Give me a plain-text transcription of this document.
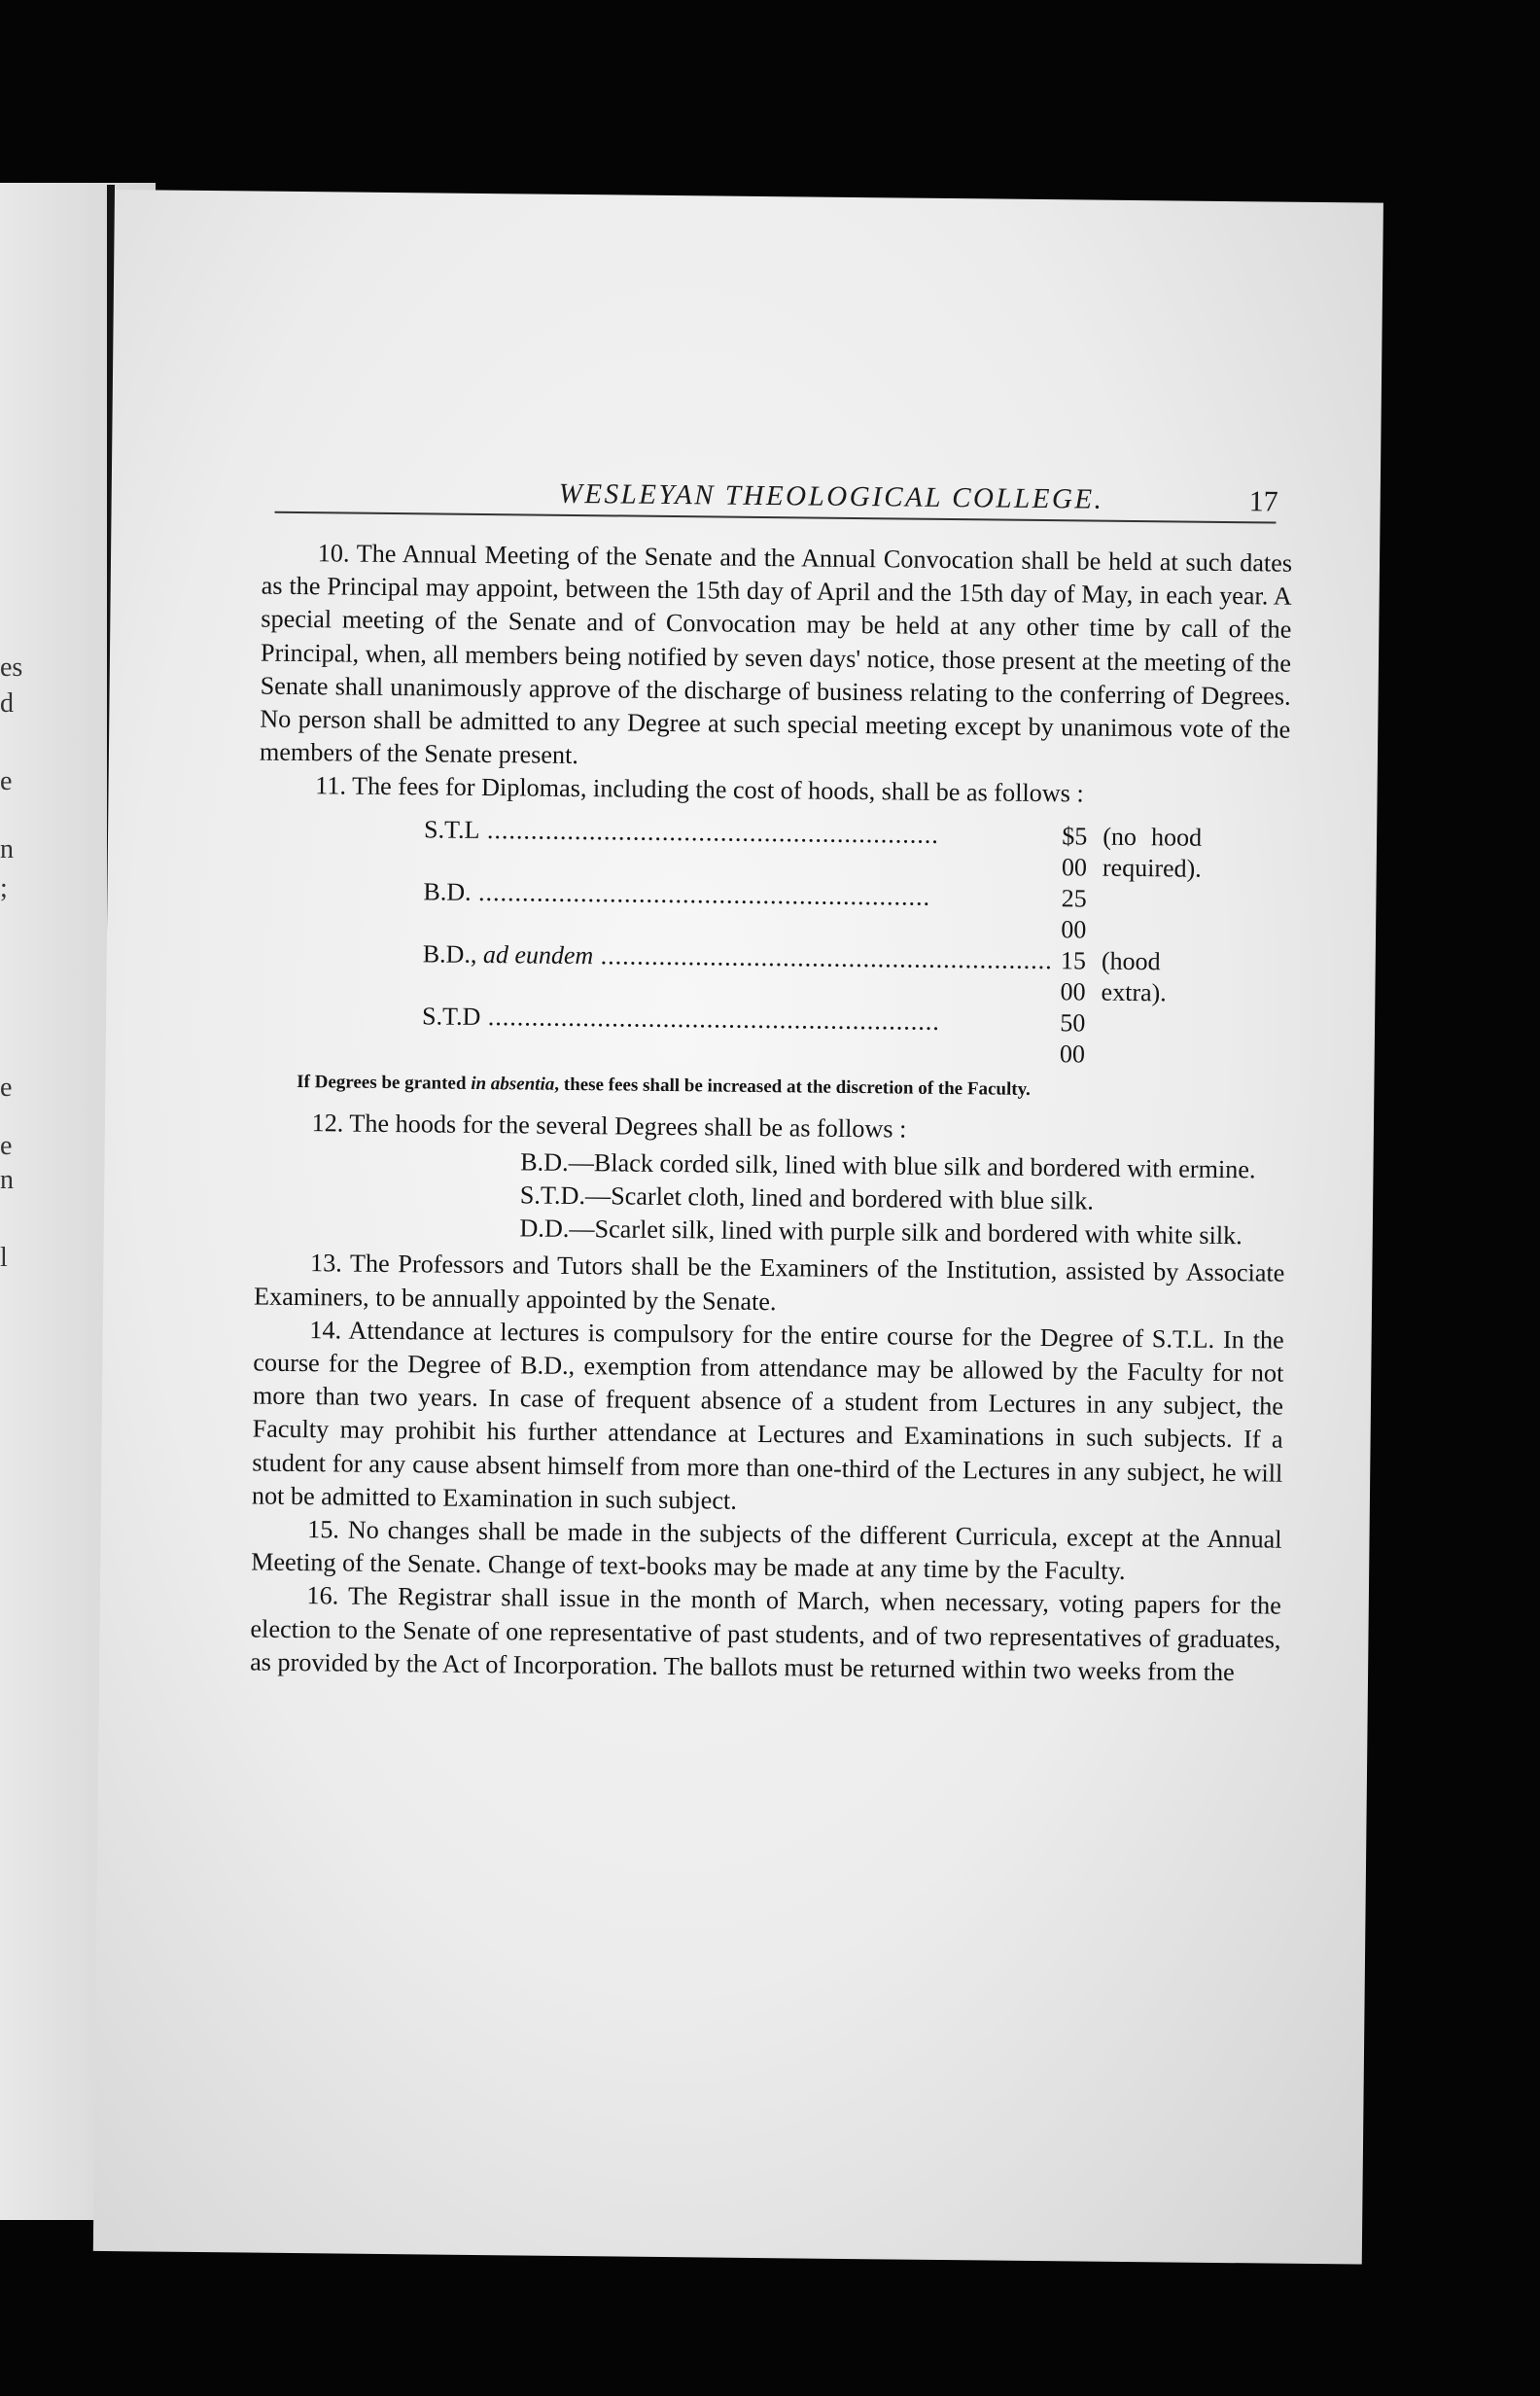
es
d
e
n
;
e
e
n
l
WESLEYAN THEOLOGICAL COLLEGE.	17

10. The Annual Meeting of the Senate and the Annual Convocation shall be held at such dates as the Principal may appoint, between the 15th day of April and the 15th day of May, in each year. A special meeting of the Senate and of Convocation may be held at any other time by call of the Principal, when, all members being notified by seven days' notice, those present at the meeting of the Senate shall unanimously approve of the discharge of business relating to the conferring of Degrees. No person shall be admitted to any Degree at such special meeting except by unanimous vote of the members of the Senate present.

11. The fees for Diplomas, including the cost of hoods, shall be as follows :

S.T.L .....	$5 00	(no hood required).
B.D. .....	25 00	
B.D., ad eundem .....	15 00	(hood extra).
S.T.D .....	50 00	

If Degrees be granted in absentia, these fees shall be increased at the discretion of the Faculty.

12. The hoods for the several Degrees shall be as follows :

B.D.—Black corded silk, lined with blue silk and bordered with ermine.

S.T.D.—Scarlet cloth, lined and bordered with blue silk.

D.D.—Scarlet silk, lined with purple silk and bordered with white silk.

13. The Professors and Tutors shall be the Examiners of the Institution, assisted by Associate Examiners, to be annually appointed by the Senate.

14. Attendance at lectures is compulsory for the entire course for the Degree of S.T.L. In the course for the Degree of B.D., exemption from attendance may be allowed by the Faculty for not more than two years. In case of frequent absence of a student from Lectures in any subject, the Faculty may prohibit his further attendance at Lectures and Examinations in such subjects. If a student for any cause absent himself from more than one-third of the Lectures in any subject, he will not be admitted to Examination in such subject.

15. No changes shall be made in the subjects of the different Curricula, except at the Annual Meeting of the Senate. Change of text-books may be made at any time by the Faculty.

16. The Registrar shall issue in the month of March, when necessary, voting papers for the election to the Senate of one representative of past students, and of two representatives of graduates, as provided by the Act of Incorporation. The ballots must be returned within two weeks from the
